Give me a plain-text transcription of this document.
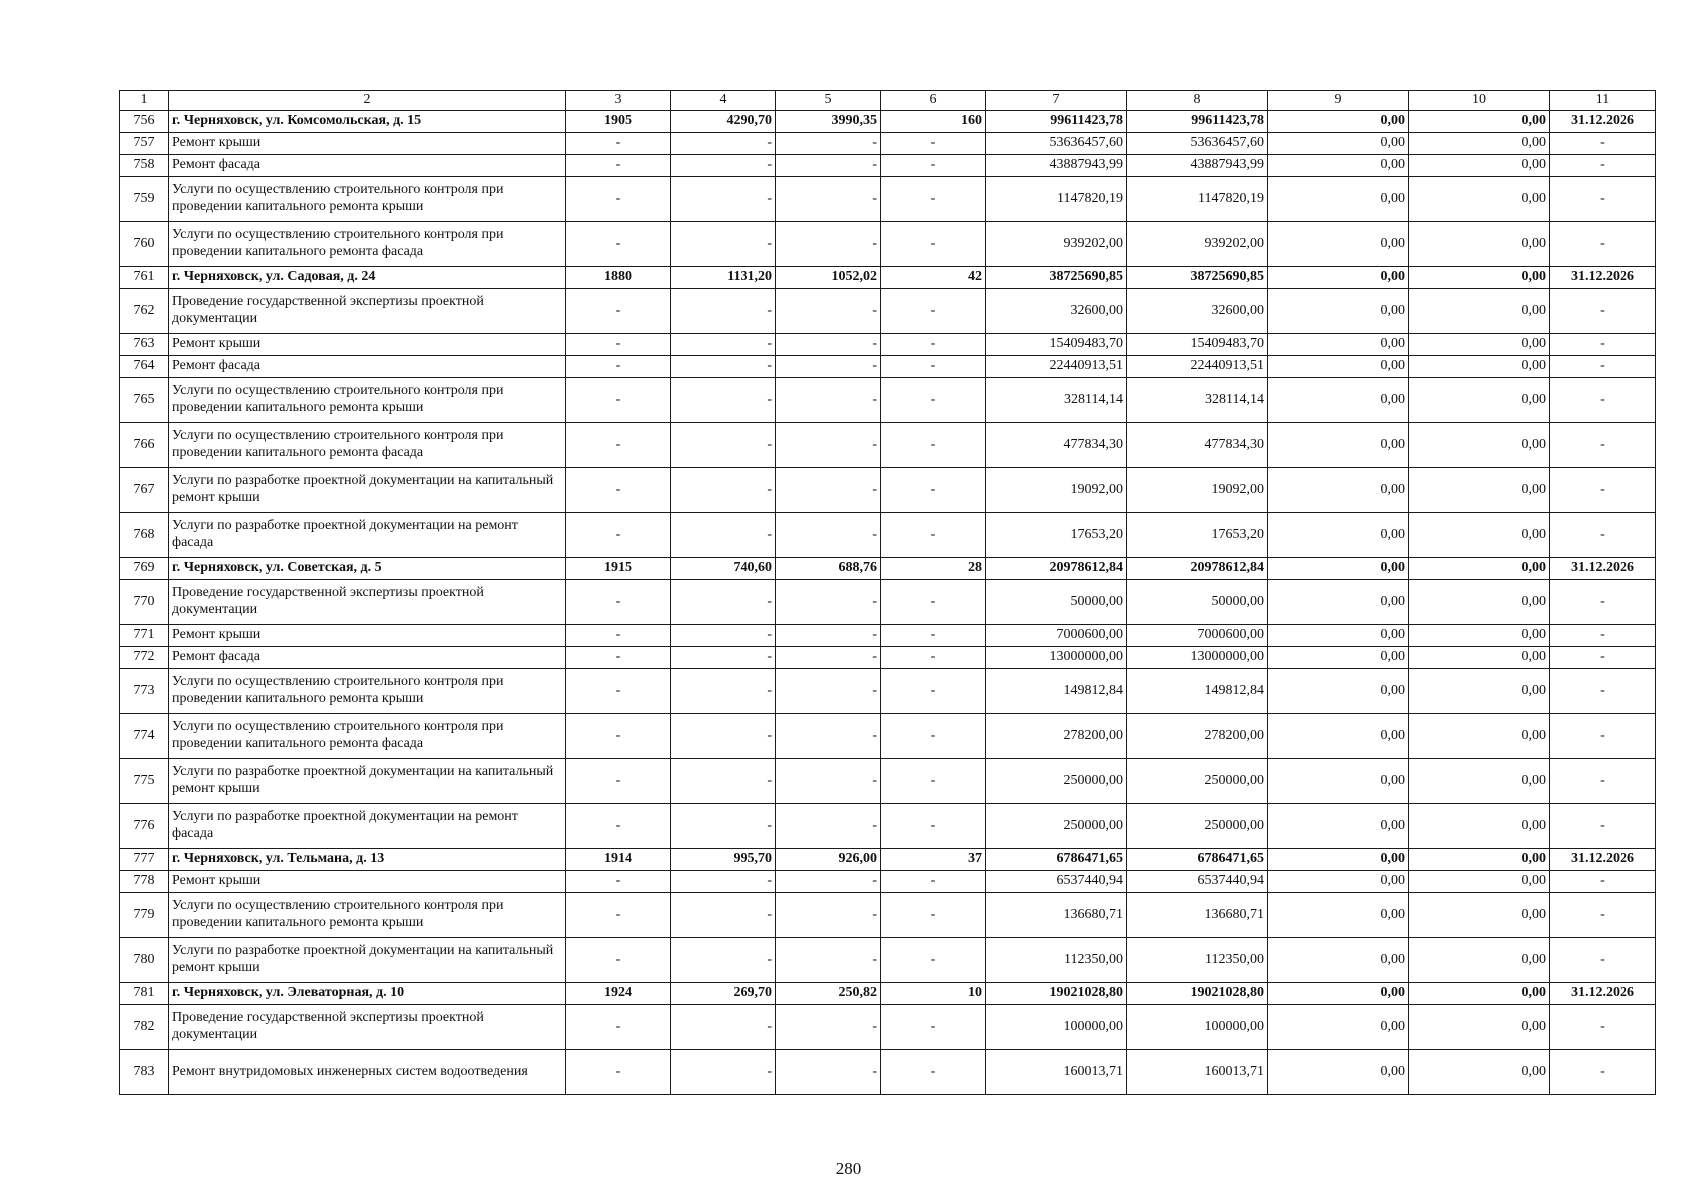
1	2	3	4	5	6	7	8	9	10	11
756	г. Черняховск, ул. Комсомольская, д. 15	1905	4290,70	3990,35	160	99611423,78	99611423,78	0,00	0,00	31.12.2026
757	Ремонт крыши	-	-	-	-	53636457,60	53636457,60	0,00	0,00	-
758	Ремонт фасада	-	-	-	-	43887943,99	43887943,99	0,00	0,00	-
759	Услуги по осуществлению строительного контроля при проведении капитального ремонта крыши	-	-	-	-	1147820,19	1147820,19	0,00	0,00	-
760	Услуги по осуществлению строительного контроля при проведении капитального ремонта фасада	-	-	-	-	939202,00	939202,00	0,00	0,00	-
761	г. Черняховск, ул. Садовая, д. 24	1880	1131,20	1052,02	42	38725690,85	38725690,85	0,00	0,00	31.12.2026
762	Проведение государственной экспертизы проектной документации	-	-	-	-	32600,00	32600,00	0,00	0,00	-
763	Ремонт крыши	-	-	-	-	15409483,70	15409483,70	0,00	0,00	-
764	Ремонт фасада	-	-	-	-	22440913,51	22440913,51	0,00	0,00	-
765	Услуги по осуществлению строительного контроля при проведении капитального ремонта крыши	-	-	-	-	328114,14	328114,14	0,00	0,00	-
766	Услуги по осуществлению строительного контроля при проведении капитального ремонта фасада	-	-	-	-	477834,30	477834,30	0,00	0,00	-
767	Услуги по разработке проектной документации на капитальный ремонт крыши	-	-	-	-	19092,00	19092,00	0,00	0,00	-
768	Услуги по разработке проектной документации на ремонт фасада	-	-	-	-	17653,20	17653,20	0,00	0,00	-
769	г. Черняховск, ул. Советская, д. 5	1915	740,60	688,76	28	20978612,84	20978612,84	0,00	0,00	31.12.2026
770	Проведение государственной экспертизы проектной документации	-	-	-	-	50000,00	50000,00	0,00	0,00	-
771	Ремонт крыши	-	-	-	-	7000600,00	7000600,00	0,00	0,00	-
772	Ремонт фасада	-	-	-	-	13000000,00	13000000,00	0,00	0,00	-
773	Услуги по осуществлению строительного контроля при проведении капитального ремонта крыши	-	-	-	-	149812,84	149812,84	0,00	0,00	-
774	Услуги по осуществлению строительного контроля при проведении капитального ремонта фасада	-	-	-	-	278200,00	278200,00	0,00	0,00	-
775	Услуги по разработке проектной документации на капитальный ремонт крыши	-	-	-	-	250000,00	250000,00	0,00	0,00	-
776	Услуги по разработке проектной документации на ремонт фасада	-	-	-	-	250000,00	250000,00	0,00	0,00	-
777	г. Черняховск, ул. Тельмана, д. 13	1914	995,70	926,00	37	6786471,65	6786471,65	0,00	0,00	31.12.2026
778	Ремонт крыши	-	-	-	-	6537440,94	6537440,94	0,00	0,00	-
779	Услуги по осуществлению строительного контроля при проведении капитального ремонта крыши	-	-	-	-	136680,71	136680,71	0,00	0,00	-
780	Услуги по разработке проектной документации на капитальный ремонт крыши	-	-	-	-	112350,00	112350,00	0,00	0,00	-
781	г. Черняховск, ул. Элеваторная, д. 10	1924	269,70	250,82	10	19021028,80	19021028,80	0,00	0,00	31.12.2026
782	Проведение государственной экспертизы проектной документации	-	-	-	-	100000,00	100000,00	0,00	0,00	-
783	Ремонт внутридомовых инженерных систем водоотведения	-	-	-	-	160013,71	160013,71	0,00	0,00	-
280
